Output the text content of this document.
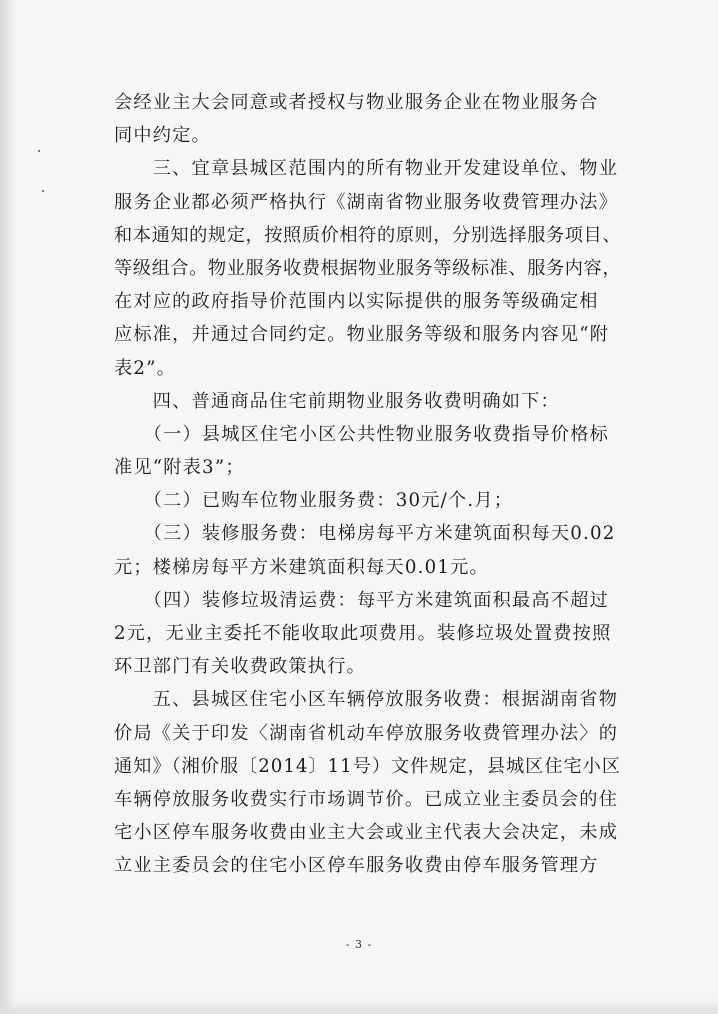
会经业主大会同意或者授权与物业服务企业在物业服务合
同中约定。
　　三、宜章县城区范围内的所有物业开发建设单位、物业
服务企业都必须严格执行《湖南省物业服务收费管理办法》
和本通知的规定，按照质价相符的原则，分别选择服务项目、
等级组合。物业服务收费根据物业服务等级标准、服务内容，
在对应的政府指导价范围内以实际提供的服务等级确定相
应标准，并通过合同约定。物业服务等级和服务内容见“附
表2”。
　　四、普通商品住宅前期物业服务收费明确如下：
　　（一）县城区住宅小区公共性物业服务收费指导价格标
准见“附表3”；
　　（二）已购车位物业服务费：30元/个.月；
　　（三）装修服务费：电梯房每平方米建筑面积每天0.02
元；楼梯房每平方米建筑面积每天0.01元。
　　（四）装修垃圾清运费：每平方米建筑面积最高不超过
2元，无业主委托不能收取此项费用。装修垃圾处置费按照
环卫部门有关收费政策执行。
　　五、县城区住宅小区车辆停放服务收费：根据湖南省物
价局《关于印发〈湖南省机动车停放服务收费管理办法〉的
通知》（湘价服〔2014〕11号）文件规定，县城区住宅小区
车辆停放服务收费实行市场调节价。已成立业主委员会的住
宅小区停车服务收费由业主大会或业主代表大会决定，未成
立业主委员会的住宅小区停车服务收费由停车服务管理方
- 3 -
